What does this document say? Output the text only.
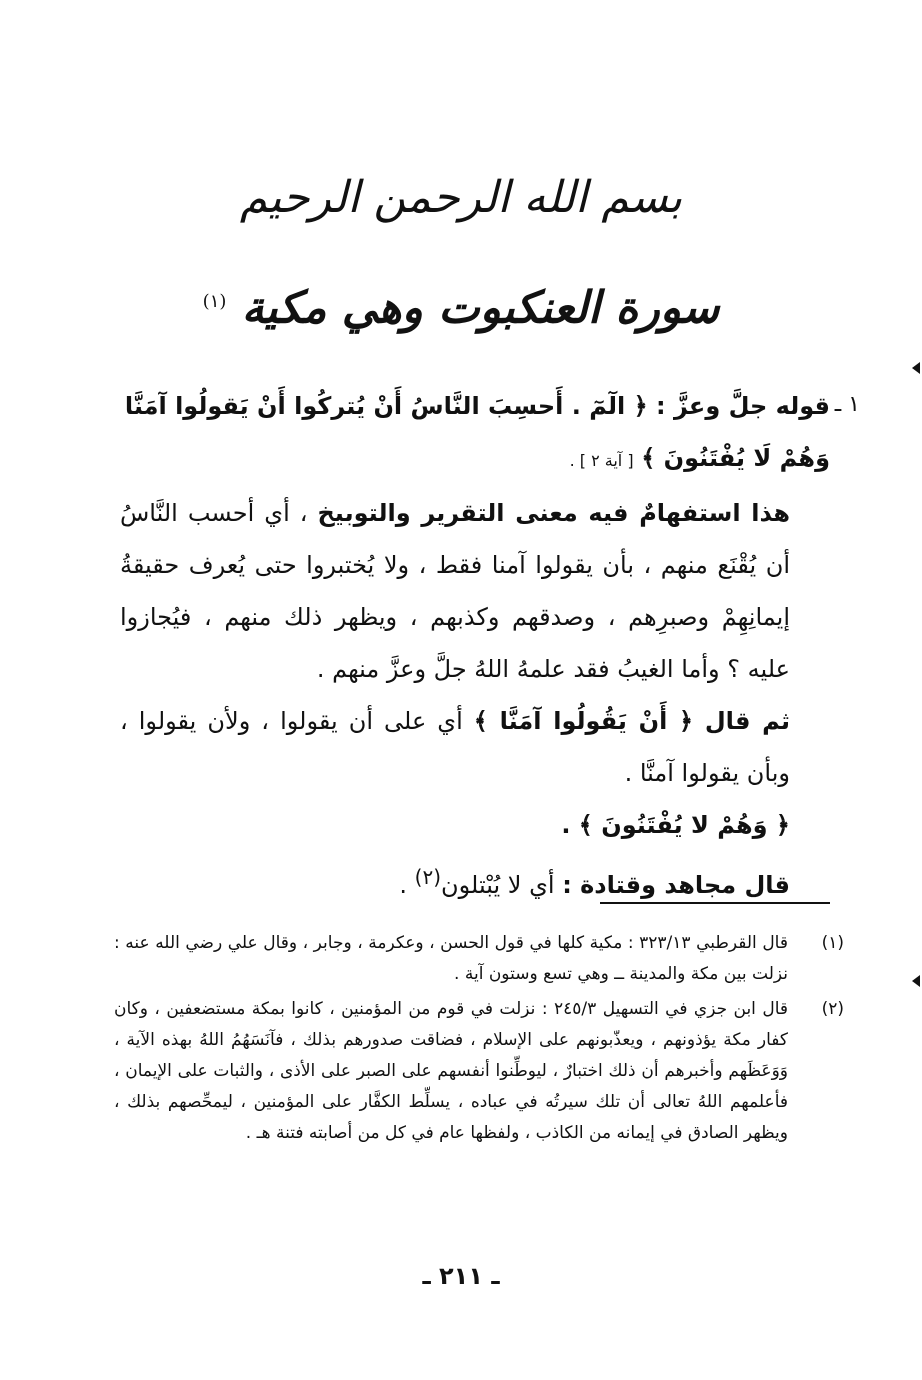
بسم الله الرحمن الرحيم
سورة العنكبوت وهي مكية $^{(١)}$
١ ـ

قوله جلَّ وعزَّ : ﴿ الٓمٓ . أَحسِبَ النَّاسُ أَنْ يُتركُوا أَنْ يَقولُوا آمَنَّا

وَهُمْ لَا يُفْتَنُونَ ﴾ [ آية ٢ ] .

هذا استفهامٌ فيه معنى التقرير والتوبيخ ، أي أحسب النَّاسُ أن يُقْنَع منهم ، بأن يقولوا آمنا فقط ، ولا يُختبروا حتى يُعرف حقيقةُ إيمانِهِمْ وصبرِهم ، وصدقهم وكذبهم ، ويظهر ذلك منهم ، فيُجازوا عليه ؟ وأما الغيبُ فقد علمهُ اللهُ جلَّ وعزَّ منهم .

ثم قال ﴿ أَنْ يَقُولُوا آمَنَّا ﴾ أي على أن يقولوا ، ولأن يقولوا ، وبأن يقولوا آمنَّا .

﴿ وَهُمْ لا يُفْتَنُونَ ﴾ .

قال مجاهد وقتادة : أي لا يُبْتلون$^{(٢)}$ .

(١)
قال القرطبي ٣٢٣/١٣ : مكية كلها في قول الحسن ، وعكرمة ، وجابر ، وقال علي رضي الله عنه : نزلت بين مكة والمدينة ــ وهي تسع وستون آية .
(٢)
قال ابن جزي في التسهيل ٢٤٥/٣ : نزلت في قوم من المؤمنين ، كانوا بمكة مستضعفين ، وكان كفار مكة يؤذونهم ، ويعذّبونهم على الإسلام ، فضاقت صدورهم بذلك ، فآنَسَهُمُ اللهُ بهذه الآية ، وَوَعَظَهم وأخبرهم أن ذلك اختبارٌ ، ليوطِّنوا أنفسهم على الصبر على الأذى ، والثبات على الإيمان ، فأعلمهم اللهُ تعالى أن تلك سيرتُه في عباده ، يسلِّط الكفَّار على المؤمنين ، ليمحِّصهم بذلك ، ويظهر الصادق في إيمانه من الكاذب ، ولفظها عام في كل من أصابته فتنة هـ .
ـ ٢١١ ـ
